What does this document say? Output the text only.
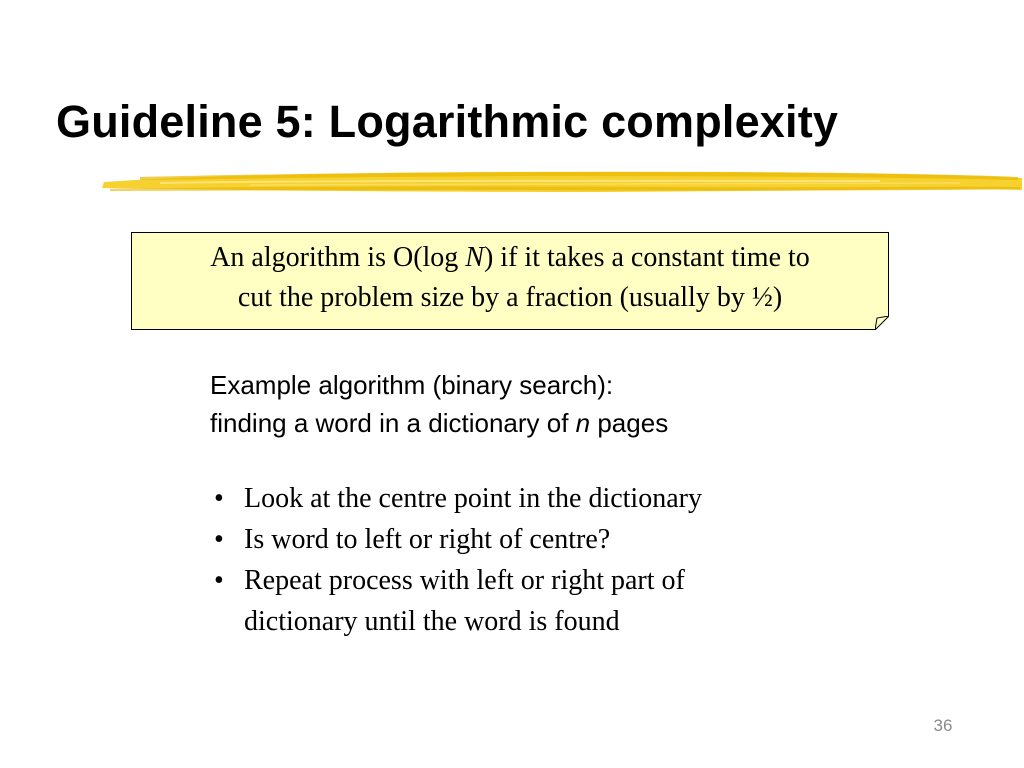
Guideline 5: Logarithmic complexity
An algorithm is O(log N) if it takes a constant time to
cut the problem size by a fraction (usually by ½)
Example algorithm (binary search):
finding a word in a dictionary of n pages
• Look at the centre point in the dictionary
• Is word to left or right of centre?
• Repeat process with left or right part of
dictionary until the word is found
36
